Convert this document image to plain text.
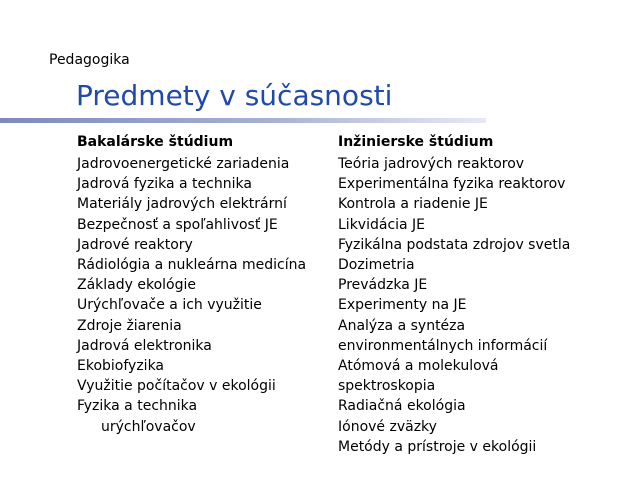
Pedagogika
Predmety v súčasnosti
Bakalárske štúdium
Jadrovoenergetické zariadenia
Jadrová fyzika a technika
Materiály jadrových elektrární
Bezpečnosť a spoľahlivosť JE
Jadrové reaktory
Rádiológia a nukleárna medicína
Základy ekológie
Urýchľovače a ich využitie
Zdroje žiarenia
Jadrová elektronika
Ekobiofyzika
Využitie počítačov v ekológii
Fyzika a technika
urýchľovačov
Inžinierske štúdium
Teória jadrových reaktorov
Experimentálna fyzika reaktorov
Kontrola a riadenie JE
Likvidácia JE
Fyzikálna podstata zdrojov svetla
Dozimetria
Prevádzka JE
Experimenty na JE
Analýza a syntéza
environmentálnych informácií
Atómová a molekulová
spektroskopia
Radiačná ekológia
Iónové zväzky
Metódy a prístroje v ekológii
